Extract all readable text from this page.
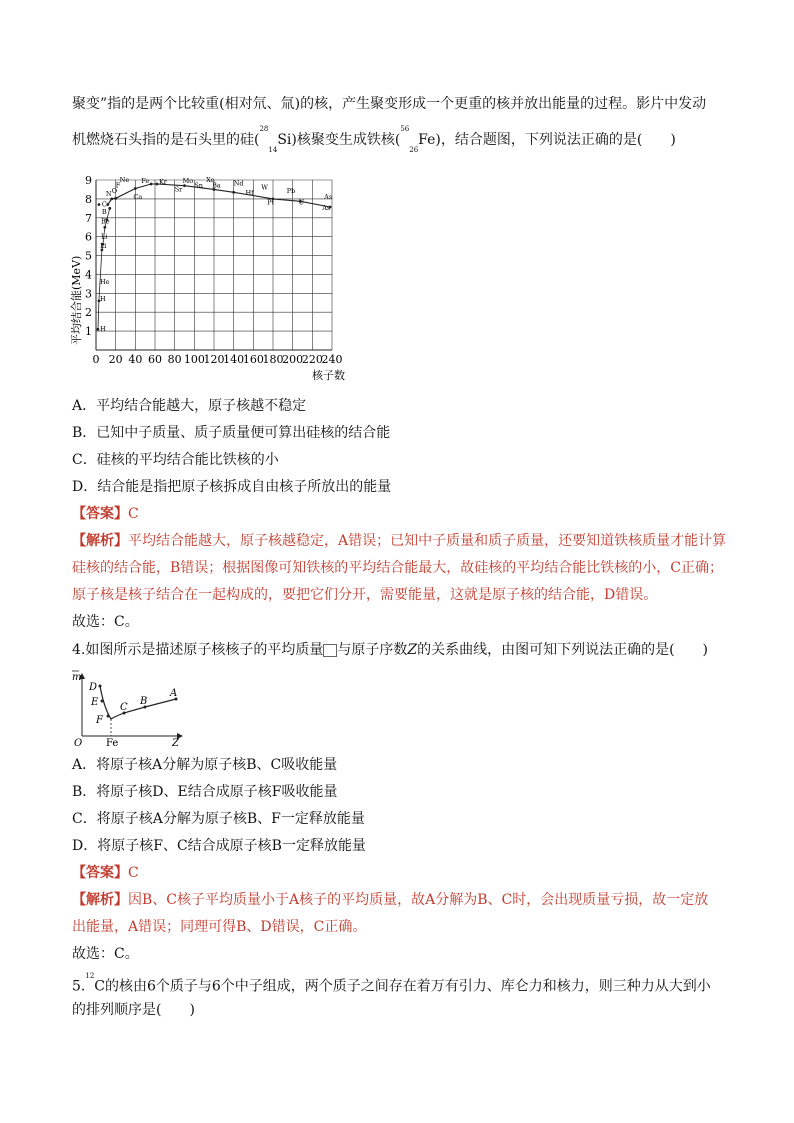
聚变”指的是两个比较重(相对氘、氚)的核，产生聚变形成一个更重的核并放出能量的过程。影片中发动
机燃烧石头指的是石头里的硅($^{28}_{14}$Si)核聚变生成铁核($^{56}_{26}$Fe)，结合题图，下列说法正确的是(　　)
0 20 40 60 80 100
120
140
160
180
200
220
240
1
2
3
4
5
6
7
8
9
H
H
He
Li
Li
Be
B
C
N O
F
Ne
Ca
Fe Kr
Sr
Mo
Sn
Xe
Ba Nd
Hf
W
Pt
Pb
U
As
As
平均结合能(MeV)
核子数
A．平均结合能越大，原子核越不稳定
B．已知中子质量、质子质量便可算出硅核的结合能
C．硅核的平均结合能比铁核的小
D．结合能是指把原子核拆成自由核子所放出的能量
【答案】C
【解析】平均结合能越大，原子核越稳定，A错误；已知中子质量和质子质量，还要知道铁核质量才能计算
硅核的结合能，B错误；根据图像可知铁核的平均结合能最大，故硅核的平均结合能比铁核的小，C正确；
原子核是核子结合在一起构成的，要把它们分开，需要能量，这就是原子核的结合能，D错误。
故选：C。
4.如图所示是描述原子核核子的平均质量 与原子序数Z的关系曲线，由图可知下列说法正确的是(　　)
m
O	Z
Fe
D
E
F
C
B
A
A．将原子核A分解为原子核B、C吸收能量
B．将原子核D、E结合成原子核F吸收能量
C．将原子核A分解为原子核B、F一定释放能量
D．将原子核F、C结合成原子核B一定释放能量
【答案】C
【解析】因B、C核子平均质量小于A核子的平均质量，故A分解为B、C时，会出现质量亏损，故一定放
出能量，A错误；同理可得B、D错误，C正确。
故选：C。
5.12C的核由6个质子与6个中子组成，两个质子之间存在着万有引力、库仑力和核力，则三种力从大到小
的排列顺序是(　　)
